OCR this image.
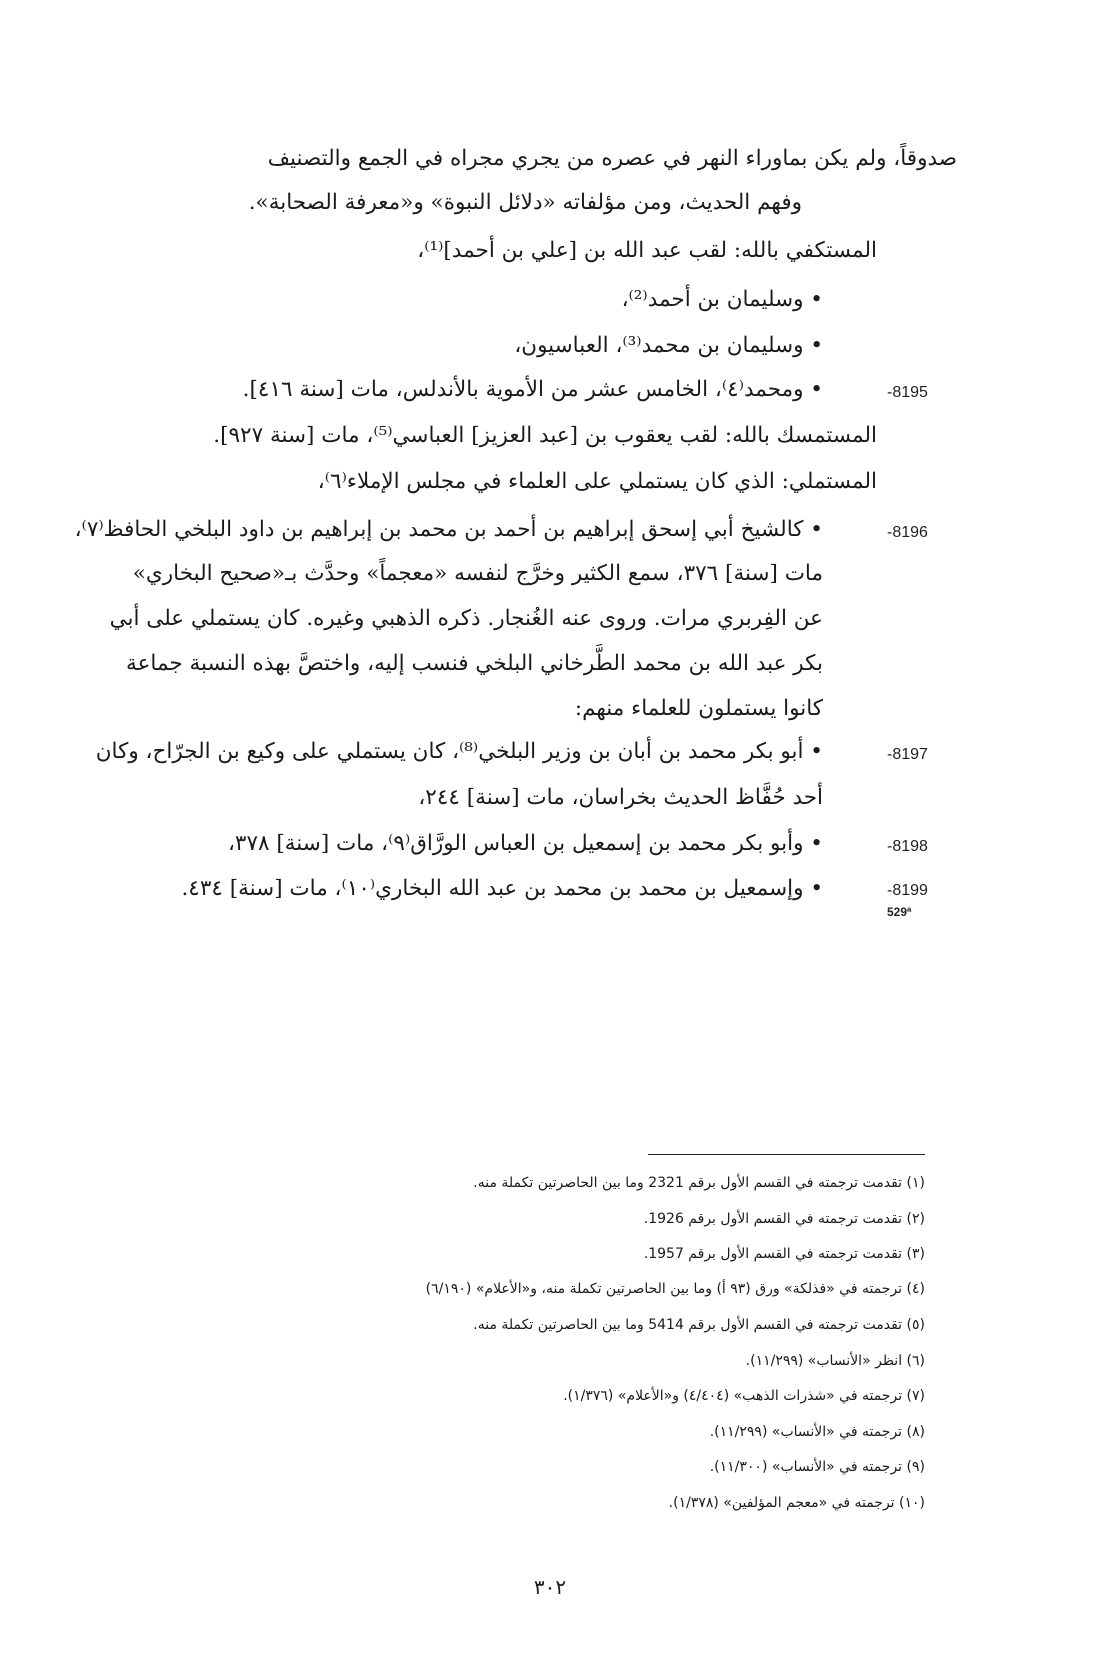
صدوقاً، ولم يكن بماوراء النهر في عصره من يجري مجراه في الجمع والتصنيف
وفهم الحديث، ومن مؤلفاته «دلائل النبوة» و«معرفة الصحابة».
المستكفي بالله: لقب عبد الله بن [علي بن أحمد]⁽¹⁾،
• وسليمان بن أحمد⁽²⁾،
• وسليمان بن محمد⁽³⁾، العباسيون،
• ومحمد⁽٤⁾، الخامس عشر من الأموية بالأندلس، مات [سنة ٤١٦].
المستمسك بالله: لقب يعقوب بن [عبد العزيز] العباسي⁽⁵⁾، مات [سنة ٩٢٧].
المستملي: الذي كان يستملي على العلماء في مجلس الإملاء⁽٦⁾،
• كالشيخ أبي إسحق إبراهيم بن أحمد بن محمد بن إبراهيم بن داود البلخي الحافظ⁽٧⁾،
مات [سنة] ٣٧٦، سمع الكثير وخرَّج لنفسه «معجماً» وحدَّث بـ«صحيح البخاري»
عن الفِربري مرات. وروى عنه الغُنجار. ذكره الذهبي وغيره. كان يستملي على أبي
بكر عبد الله بن محمد الطَّرخاني البلخي فنسب إليه، واختصَّ بهذه النسبة جماعة
كانوا يستملون للعلماء منهم:
• أبو بكر محمد بن أبان بن وزير البلخي⁽⁸⁾، كان يستملي على وكيع بن الجرّاح، وكان
أحد حُفَّاظ الحديث بخراسان، مات [سنة] ٢٤٤،
• وأبو بكر محمد بن إسمعيل بن العباس الورَّاق⁽٩⁾، مات [سنة] ٣٧٨،
• وإسمعيل بن محمد بن محمد بن عبد الله البخاري⁽١٠⁾، مات [سنة] ٤٣٤.
-8195
-8196
-8197
-8198
-8199
529ª
(١) تقدمت ترجمته في القسم الأول برقم 2321 وما بين الحاصرتين تكملة منه.
(٢) تقدمت ترجمته في القسم الأول برقم 1926.
(٣) تقدمت ترجمته في القسم الأول برقم 1957.
(٤) ترجمته في «فذلكة» ورق (٩٣ أ) وما بين الحاصرتين تكملة منه، و«الأعلام» (٦/١٩٠)
(٥) تقدمت ترجمته في القسم الأول برقم 5414 وما بين الحاصرتين تكملة منه.
(٦) انظر «الأنساب» (١١/٢٩٩).
(٧) ترجمته في «شذرات الذهب» (٤/٤٠٤) و«الأعلام» (١/٣٧٦).
(٨) ترجمته في «الأنساب» (١١/٢٩٩).
(٩) ترجمته في «الأنساب» (١١/٣٠٠).
(١٠) ترجمته في «معجم المؤلفين» (١/٣٧٨).
٣٠٢
